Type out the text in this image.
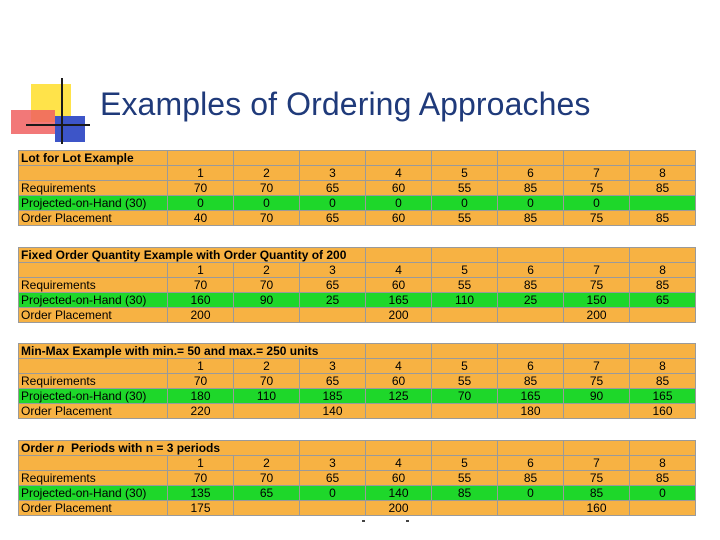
Examples of Ordering Approaches
Lot for Lot Example								
	1	2	3	4	5	6	7	8
Requirements	70	70	65	60	55	85	75	85
Projected-on-Hand (30)	0	0	0	0	0	0	0	
Order Placement	40	70	65	60	55	85	75	85
Fixed Order Quantity Example with Order Quantity of 200								
	1	2	3	4	5	6	7	8
Requirements	70	70	65	60	55	85	75	85
Projected-on-Hand (30)	160	90	25	165	110	25	150	65
Order Placement	200			200			200	
Min-Max Example with min.= 50 and max.= 250 units								
	1	2	3	4	5	6	7	8
Requirements	70	70	65	60	55	85	75	85
Projected-on-Hand (30)	180	110	185	125	70	165	90	165
Order Placement	220		140			180		160
Order n  Periods with n = 3 periods								
	1	2	3	4	5	6	7	8
Requirements	70	70	65	60	55	85	75	85
Projected-on-Hand (30)	135	65	0	140	85	0	85	0
Order Placement	175			200			160	
